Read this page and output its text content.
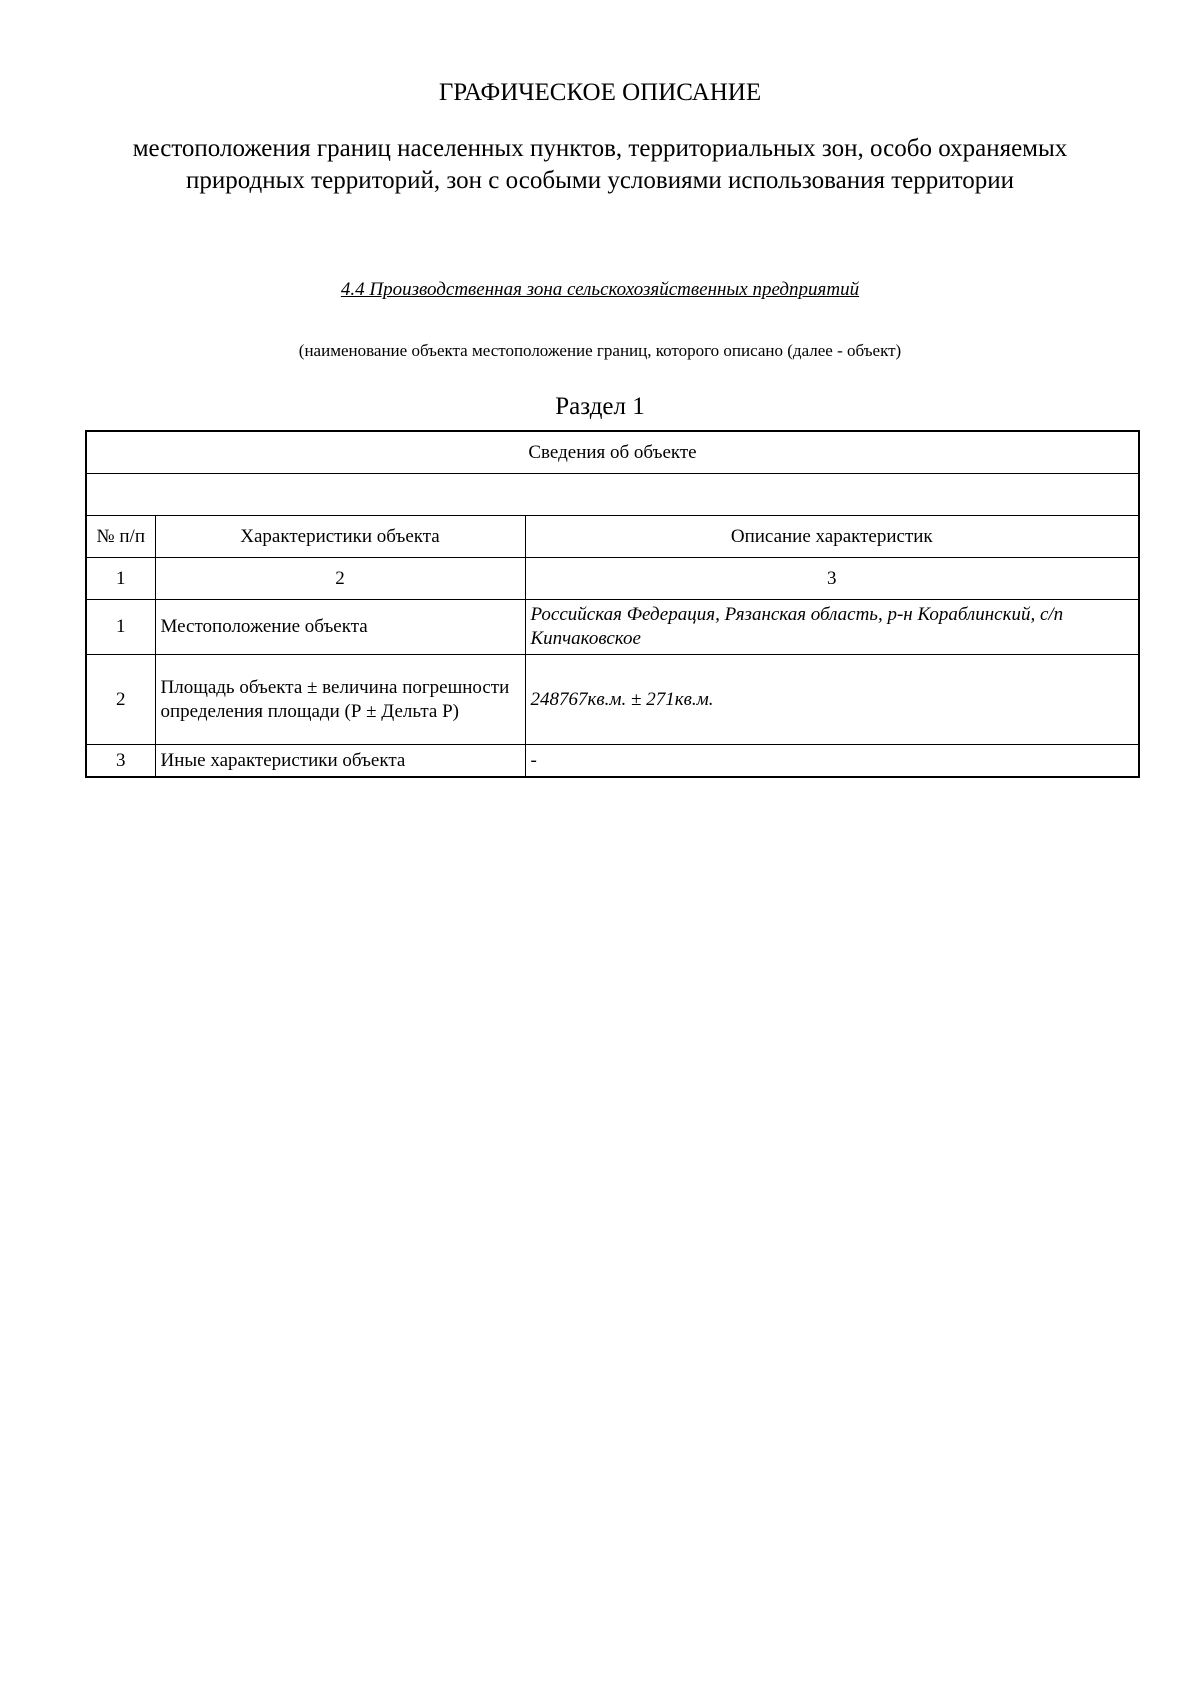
ГРАФИЧЕСКОЕ ОПИСАНИЕ
местоположения границ населенных пунктов, территориальных зон, особо охраняемых природных территорий, зон с особыми условиями использования территории
4.4 Производственная зона сельскохозяйственных предприятий
(наименование объекта местоположение границ, которого описано (далее - объект)
Раздел 1
Сведения об объекте		

№ п/п	Характеристики объекта	Описание характеристик
1	2	3
1	Местоположение объекта	Российская Федерация, Рязанская область, р-н Кораблинский, с/п Кипчаковское
2	Площадь объекта ± величина погрешности определения площади (Р ± Дельта Р)	248767кв.м. ± 271кв.м.
3	Иные характеристики объекта	-
